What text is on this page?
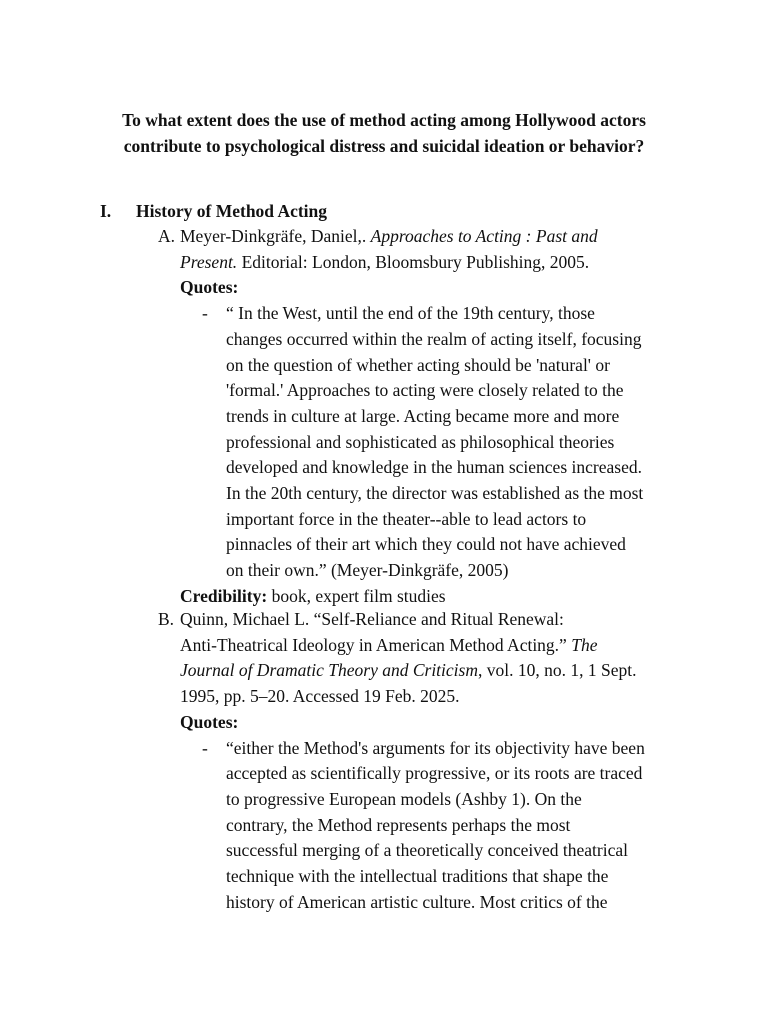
To what extent does the use of method acting among Hollywood actors
contribute to psychological distress and suicidal ideation or behavior?
I. History of Method Acting
A. Meyer-Dinkgräfe, Daniel,. Approaches to Acting : Past and
Present. Editorial: London, Bloomsbury Publishing, 2005.
Quotes:
- “ In the West, until the end of the 19th century, those
changes occurred within the realm of acting itself, focusing
on the question of whether acting should be 'natural' or
'formal.' Approaches to acting were closely related to the
trends in culture at large. Acting became more and more
professional and sophisticated as philosophical theories
developed and knowledge in the human sciences increased.
In the 20th century, the director was established as the most
important force in the theater--able to lead actors to
pinnacles of their art which they could not have achieved
on their own.” (Meyer-Dinkgräfe, 2005)
Credibility: book, expert film studies
B. Quinn, Michael L. “Self-Reliance and Ritual Renewal:
Anti-Theatrical Ideology in American Method Acting.” The
Journal of Dramatic Theory and Criticism, vol. 10, no. 1, 1 Sept.
1995, pp. 5–20. Accessed 19 Feb. 2025.
Quotes:
- “either the Method's arguments for its objectivity have been
accepted as scientifically progressive, or its roots are traced
to progressive European models (Ashby 1). On the
contrary, the Method represents perhaps the most
successful merging of a theoretically conceived theatrical
technique with the intellectual traditions that shape the
history of American artistic culture. Most critics of the
